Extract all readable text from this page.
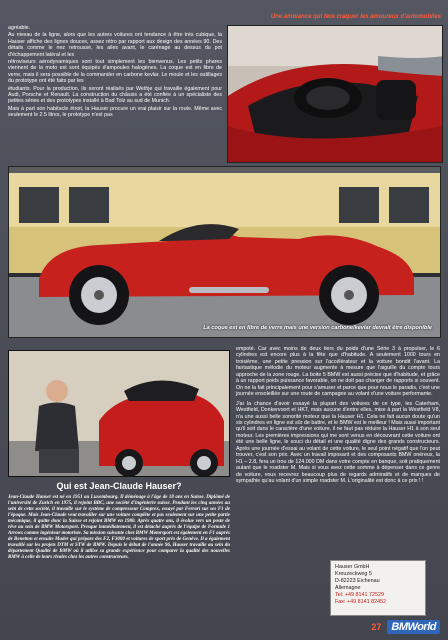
agréable.

Au niveau de la ligne, alors que les autres voitures ont tendance à être très cubique, la Hauser affiche des lignes douces, assez rétro par rapport aux design des années 90. Des détails comme le nez retroussé, les ailes avant, le carénage au dessus du pot d'échappement latéral et les

rétroviseurs aérodynamiques sont tout simplement les bienvenus. Les petits phares viennent de la moto est sont équipés d'ampoules halogènes. La coque est en fibre de verre, mais il sera possible de la commander en carbone kevlar. Le moule et les outillages du prototype ont été faits par les

étudiants. Pour la production, ils seront réalisés par Wethje qui travaille également pour Audi, Porsche et Renault. La construction du châssis a été confiée à un spécialiste des petites séries et des prototypes installé à Bad Tolz au sud de Munich.

Mais à part son habitacle étroit, la Hauser procure un vrai plaisir sur la route. Même avec seulement le 2.5 litres, le prototype n'est pas

Une ambiance qui fera craquer les amoureux d'automobiles
La coque est en fibre de verre mais une version carbone/kevlar devrait être disponible
Qui est Jean-Claude Hauser?
Jean-Claude Hauser est né en 1951 au Luxembourg. Il déménage à l'âge de 18 ans en Suisse. Diplômé de l'université de Zurich en 1975, il rejoint BBC, une société d'ingénierie suisse. Pendant les cinq années au sein de cette société, il travaille sur le système de compresseur Comprex, essayé par Ferrari sur ses F1 de l'époque. Mais Jean-Claude veut travailler sur une voiture complète et pas seulement sur une petite partie mécanique, il quitte donc la Suisse et rejoint BMW en 1980. Après quatre ans, il évolue vers un poste de rêve au sein de BMW Motorsport. Presque immédiatement, il est détaché auprès de l'équipe de Formule 1 Arrows comme ingénieur motoriste. Sa mission suivante chez BMW Motorsport est également en F1 auprès de Benetton et ensuite Mader qui prépare des F2, F3000 et voitures de sport près de Genève. Il a également travaillé sur les projets DTM et STW de BMW. Depuis le début de l'année 96, Hauser travaille au sein du département Qualité de BMW où il utilise sa grande expérience pour comparer la qualité des nouvelles BMW à celle de leurs rivales chez les autres constructeurs.

empoté. Car avec moins de deux tiers du poids d'une Série 3 à propulser, le 6 cylindres est encore plus à la fête que d'habitude. A seulement 1000 tours en troisième, une petite pression sur l'accélérateur et la voiture bondit l'avant. La fantastique mélodie du moteur augmente à mesure que l'aiguille du compte tours approche de la zone rouge. La boite 5 BMW est aussi précise que d'habitude, et grâce à un rapport poids puissance favorable, on ne doit pas changer de rapports si souvent. On ne la fait principalement pour s'amuser et parce que pour nous le paradis, c'est une journée ensoleillée sur une route de campagne au volant d'une voiture performante.

J'ai la chance d'avoir essayé la plupart des voitures de ce type, les Caterham, Westfield, Donkervoort et HKT, mais aucune d'entre elles, mise à part la Westfield V8, n'a une aussi belle sonorité moteur que la Hauser H1. Cela ne fait aucun doute qu'un six cylindres en ligne est sûr de battre, et le BMW est le meilleur ! Mais aussi important qu'il soit dans le caractère d'une voiture, il ne faut pas réduire la Hauser H1 à son seul moteur. Les premières impressions qui me sont venus en découvrant cette voiture ont été une belle ligne, le souci du détail et une qualité digne des grands constructeurs. Après une journée d'essai au volant de cette voiture, le seul point négatif que l'on peut trouver, c'est son prix. Avec un travail imposant et des composants BMW onéreux, la H1 – 2.8, fera un trou de 124.000 DM dans votre compte en banque, soit pratiquement autant que le roadster M. Mais si vous avez cette somme à dépenser dans ce genre de voiture, vous recevrez beaucoup plus de regards admiratifs et de marques de sympathie qu'au volant d'un simple roadster M. L'originalité est donc à ce prix ! !

Hauser GmbH
Kreuzeckweg 5
D-82223 Eichenau
Allemagne
Tel: +49 8141 72529
Fax: +49 8141 82452
27 BMWorld
